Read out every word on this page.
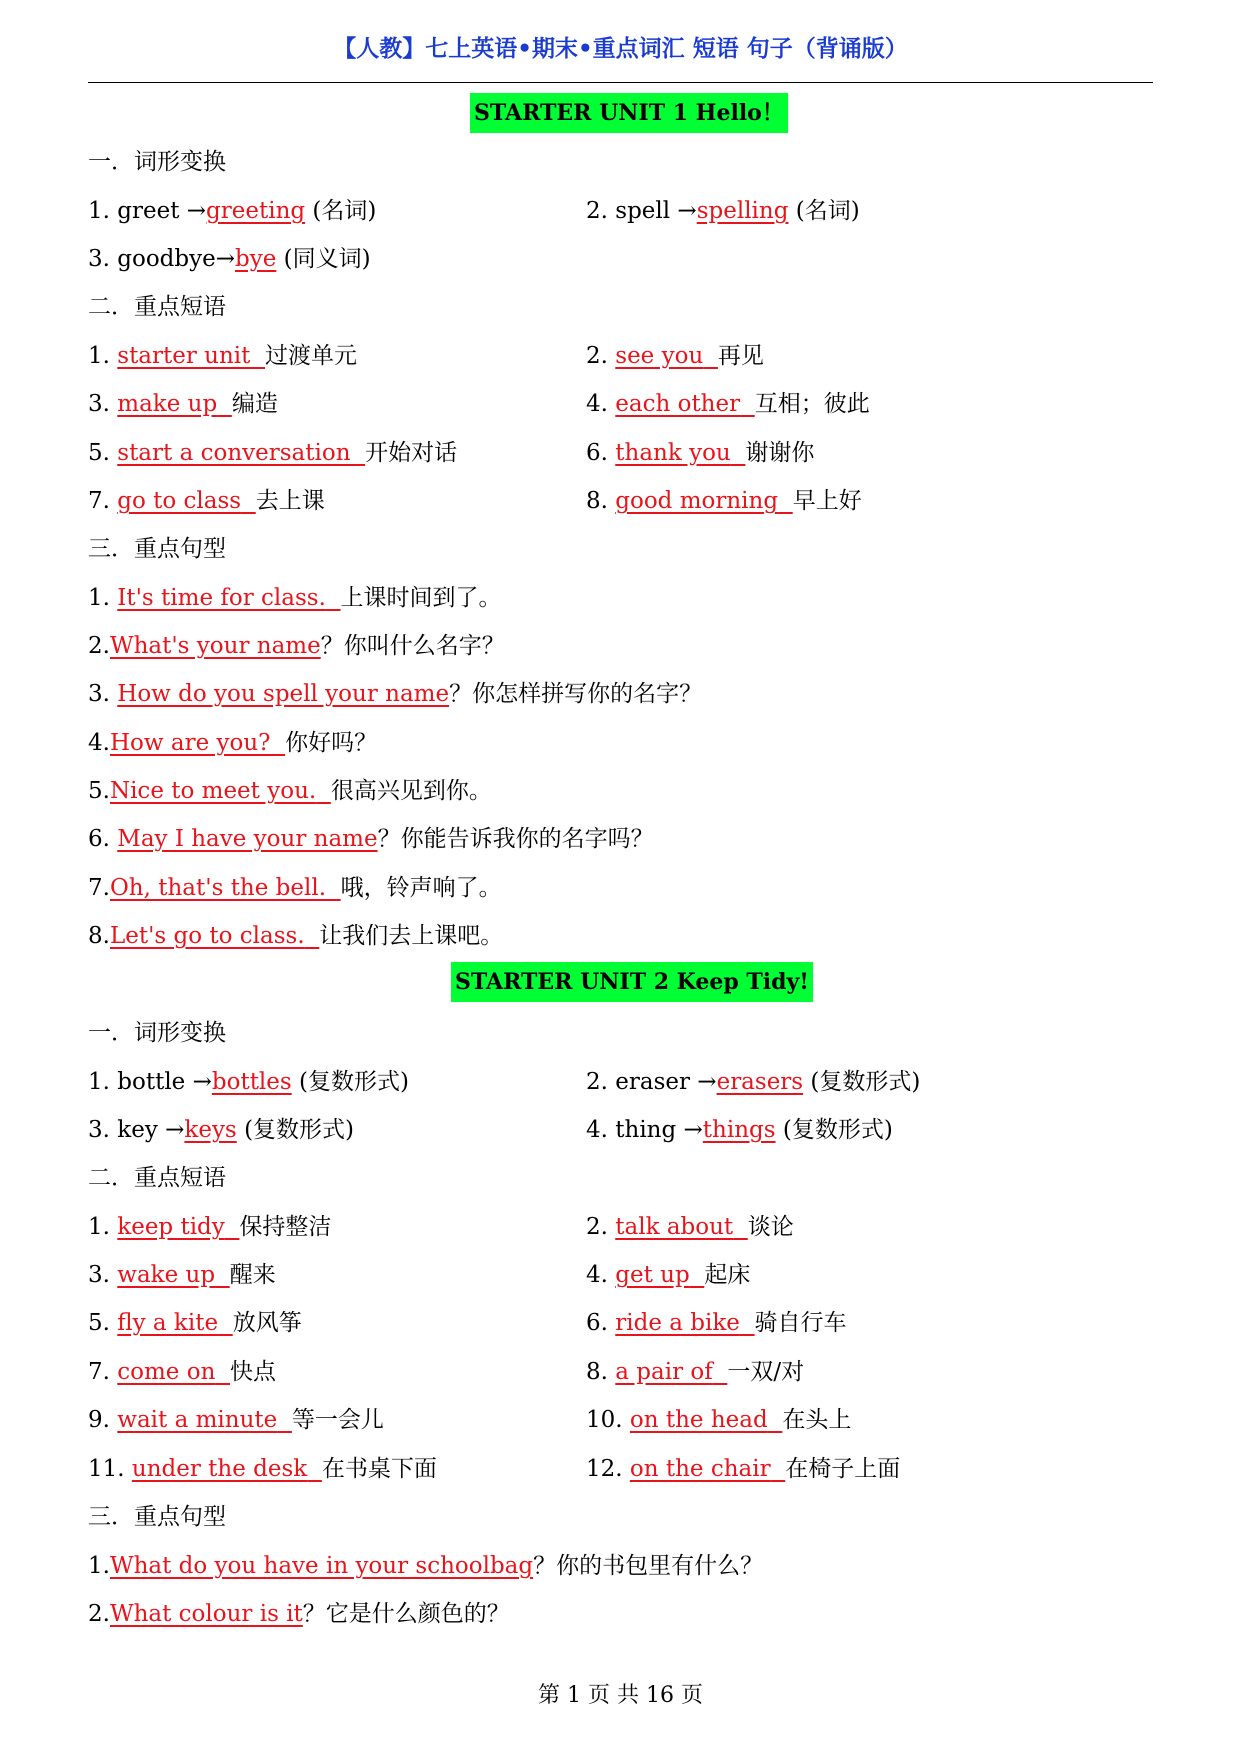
【人教】七上英语•期末•重点词汇 短语 句子（背诵版）
STARTER UNIT 1 Hello！
一．词形变换
1. greet →greeting (名词)	2. spell →spelling (名词)
3. goodbye→bye (同义词)
二．重点短语
1. starter unit 过渡单元	2. see you 再见
3. make up 编造	4. each other 互相；彼此
5. start a conversation 开始对话	6. thank you 谢谢你
7. go to class 去上课	8. good morning 早上好
三．重点句型
1. It's time for class. 上课时间到了。
2.What's your name？你叫什么名字？
3. How do you spell your name？你怎样拼写你的名字？
4.How are you? 你好吗？
5.Nice to meet you. 很高兴见到你。
6. May I have your name？你能告诉我你的名字吗？
7.Oh, that's the bell. 哦，铃声响了。
8.Let's go to class. 让我们去上课吧。
STARTER UNIT 2 Keep Tidy!
一．词形变换
1. bottle →bottles (复数形式)	2. eraser →erasers (复数形式)
3. key →keys (复数形式)	4. thing →things (复数形式)
二．重点短语
1. keep tidy 保持整洁	2. talk about 谈论
3. wake up 醒来	4. get up 起床
5. fly a kite 放风筝	6. ride a bike 骑自行车
7. come on 快点	8. a pair of 一双/对
9. wait a minute 等一会儿	10. on the head 在头上
11. under the desk 在书桌下面	12. on the chair 在椅子上面
三．重点句型
1.What do you have in your schoolbag？你的书包里有什么？
2.What colour is it？它是什么颜色的？
第 1 页 共 16 页
